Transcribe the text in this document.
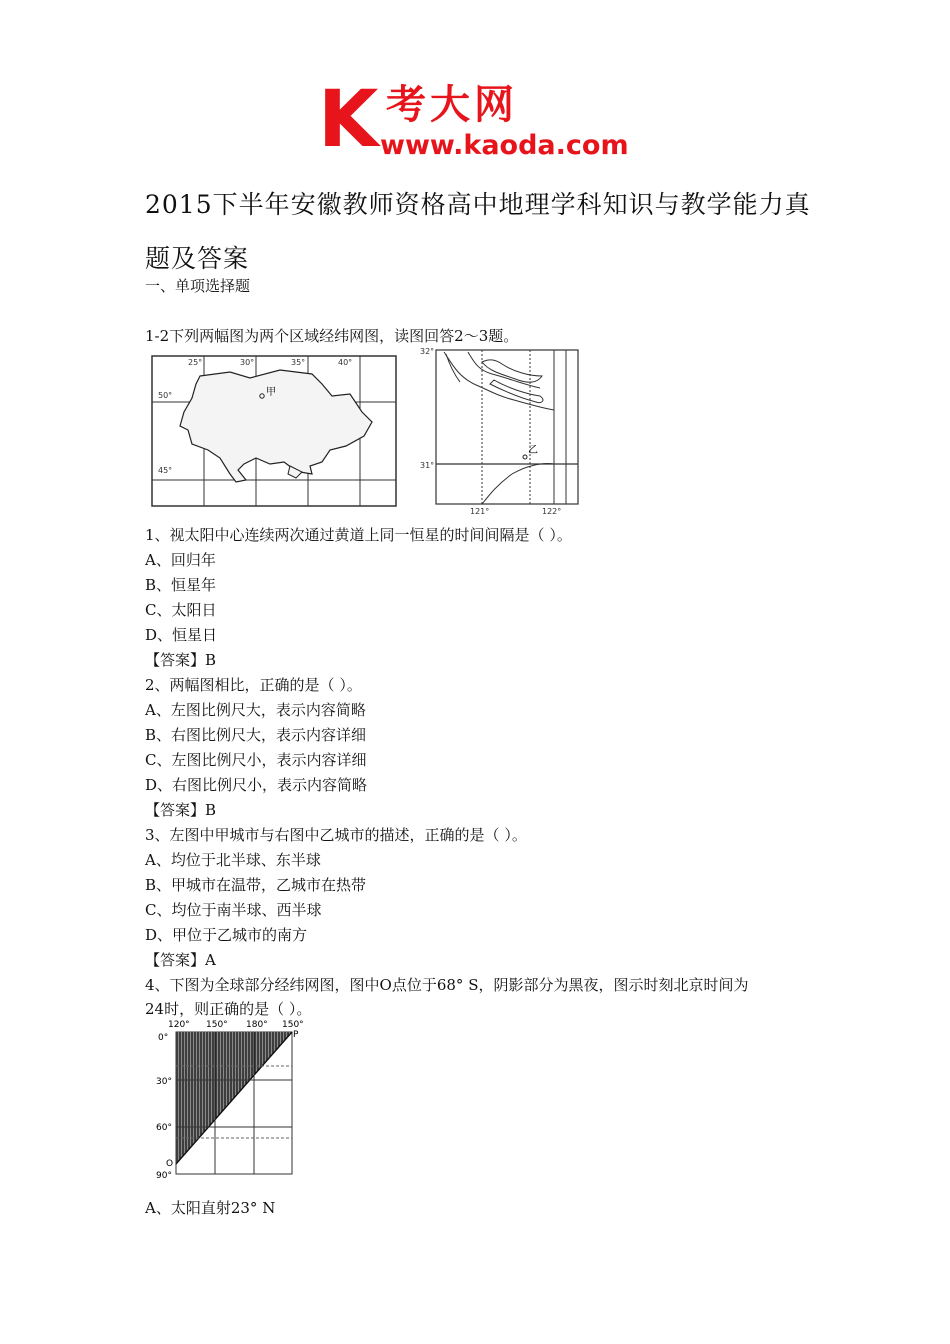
K 考大网
www.kaoda.com
2015下半年安徽教师资格高中地理学科知识与教学能力真
题及答案
一、单项选择题
1-2下列两幅图为两个区域经纬网图，读图回答2～3题。
甲
25°	30°	35°	40°
50°
45°
乙
32°
31°
121°	122°
1、视太阳中心连续两次通过黄道上同一恒星的时间间隔是（ ）。
A、回归年
B、恒星年
C、太阳日
D、恒星日
【答案】B
2、两幅图相比，正确的是（ ）。
A、左图比例尺大，表示内容简略
B、右图比例尺大，表示内容详细
C、左图比例尺小，表示内容详细
D、右图比例尺小，表示内容简略
【答案】B
3、左图中甲城市与右图中乙城市的描述，正确的是（ ）。
A、均位于北半球、东半球
B、甲城市在温带，乙城市在热带
C、均位于南半球、西半球
D、甲位于乙城市的南方
【答案】A
4、下图为全球部分经纬网图，图中O点位于68° S，阴影部分为黑夜，图示时刻北京时间为
24时，则正确的是（ ）。
120° 150° 180° 150°
0°
30°
60°
90°
P
O
A、太阳直射23° N
